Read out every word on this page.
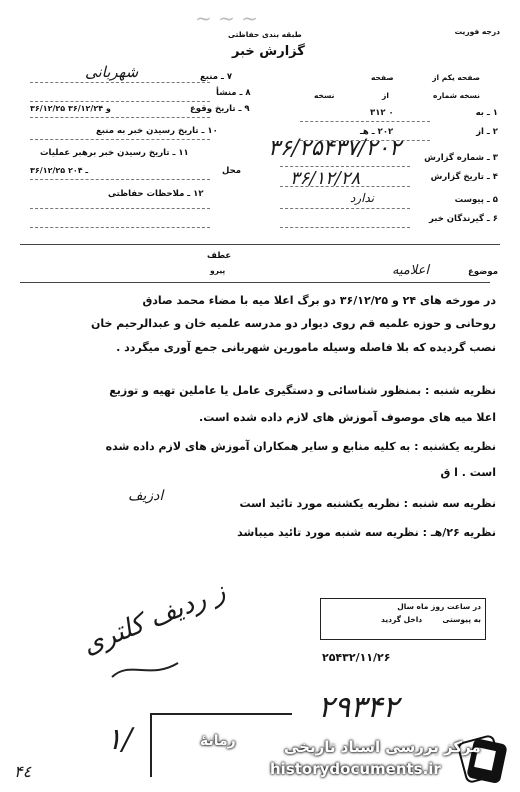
~ ~ ~
درجه فوریت
طبقه بندی حفاظتی
گزارش خبر
صفحه یکم از
صفحه
نسخه شماره
از
نسخه
۱ ـ به
۳۱۲ ۰
۲ ـ از
۲۰۲ ـ هـ
۳ ـ شماره گزارش
۳۶/۲۵۴۳۷/۲۰۲
۴ ـ تاریخ گزارش
۳۶/۱۲/۲۸
۵ ـ پیوست
ندارد
۶ ـ گیرندگان خبر
۷ ـ منبع
شهربانی
۸ ـ منشأ
۹ ـ تاریخ وقوع
۳۶/۱۲/۲۵ و ۳۶/۱۲/۲۴
۱۰ ـ تاریخ رسیدن خبر به منبع
۱۱ ـ تاریخ رسیدن خبر برهبر عملیات
محل
۳۶/۱۲/۲۵ ـ ۲۰۴
۱۲ ـ ملاحظات حفاظتی
عطف
پیرو	موضوع
اعلامیه
در مورخه های ۲۴ و ۳۶/۱۲/۲۵ دو برگ اعلا میه با مضاء محمد صادق
روحانی و حوزه علمیه قم روی دیوار دو مدرسه علمیه خان و عبدالرحیم خان
نصب گردیده که بلا فاصله وسیله مامورین شهربانی جمع آوری میگردد .
نظریه شنبه : بمنظور شناسائی و دستگیری عامل یا عاملین تهیه و توزیع
اعلا میه های موصوف آموزش های لازم داده شده است.
نظریه یکشنبه : به کلیه منابع و سایر همکاران آموزش های لازم داده شده
است . ا ق
نظریه سه شنبه : نظریه یکشنبه مورد تائید است
ادزیف
نظریه ۲۶/هـ : نظریه سه شنبه مورد تائید میباشد
در ساعت روز ماه سال
به پیوستی
داخل گردید
۲۵۴۳۲/۱۱/۲۶
ز ردیف کلتری
۲۹۳۴۲
۱/
۴٤
رمانهٔ	مرکز بررسی اسناد تاریخی
historydocuments.ir
